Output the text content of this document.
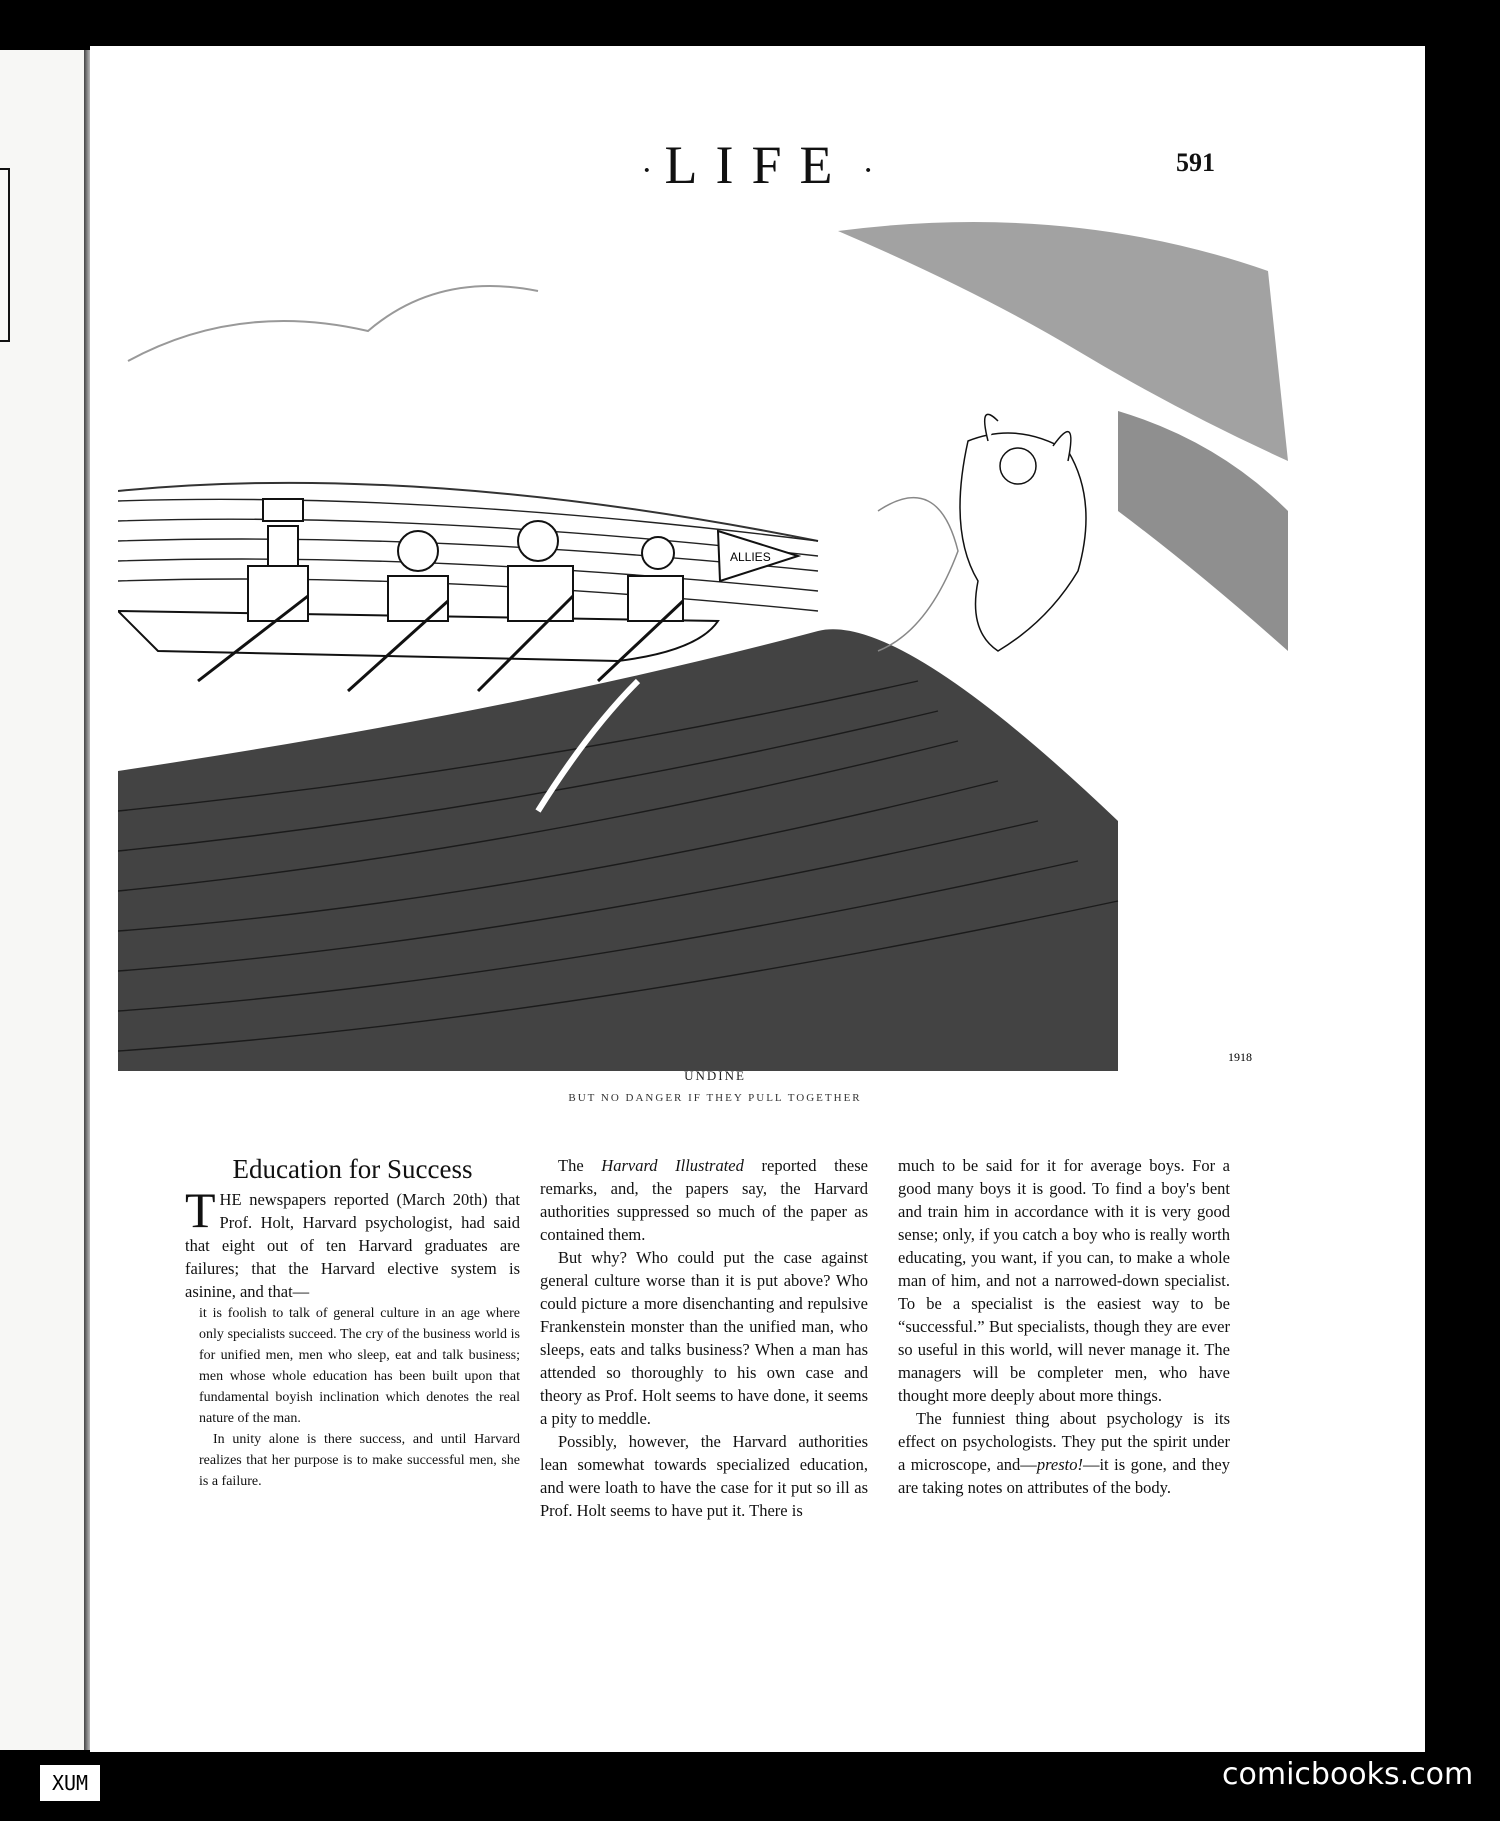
· LIFE ·	591
ALLIES
1918
UNDINE
BUT NO DANGER IF THEY PULL TOGETHER
Education for Success

THE newspapers reported (March 20th) that Prof. Holt, Harvard psychologist, had said that eight out of ten Harvard graduates are failures; that the Harvard elective system is asinine, and that—

it is foolish to talk of general culture in an age where only specialists succeed. The cry of the business world is for unified men, men who sleep, eat and talk business; men whose whole education has been built upon that fundamental boyish inclination which denotes the real nature of the man.

In unity alone is there success, and until Harvard realizes that her purpose is to make successful men, she is a failure.

The Harvard Illustrated reported these remarks, and, the papers say, the Harvard authorities suppressed so much of the paper as contained them.

But why? Who could put the case against general culture worse than it is put above? Who could picture a more disenchanting and repulsive Frankenstein monster than the unified man, who sleeps, eats and talks business? When a man has attended so thoroughly to his own case and theory as Prof. Holt seems to have done, it seems a pity to meddle.

Possibly, however, the Harvard authorities lean somewhat towards specialized education, and were loath to have the case for it put so ill as Prof. Holt seems to have put it. There is

much to be said for it for average boys. For a good many boys it is good. To find a boy's bent and train him in accordance with it is very good sense; only, if you catch a boy who is really worth educating, you want, if you can, to make a whole man of him, and not a narrowed-down specialist. To be a specialist is the easiest way to be “successful.” But specialists, though they are ever so useful in this world, will never manage it. The managers will be completer men, who have thought more deeply about more things.

The funniest thing about psychology is its effect on psychologists. They put the spirit under a microscope, and—presto!—it is gone, and they are taking notes on attributes of the body.

XUM	comicbooks.com
